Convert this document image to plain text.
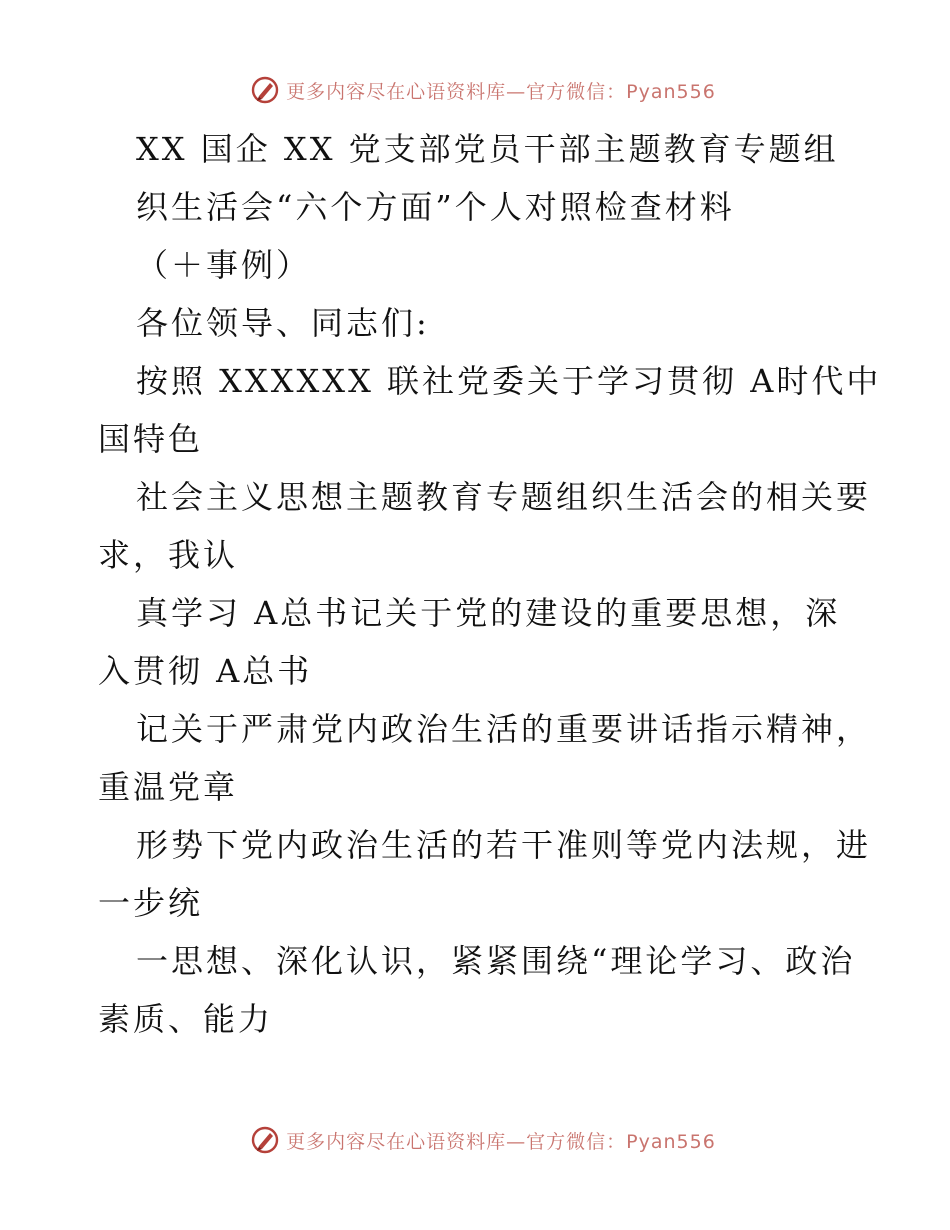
更多内容尽在心语资料库—官方微信：Pyan556
XX 国企 XX 党支部党员干部主题教育专题组
织生活会“六个方面”个人对照检查材料
（＋事例）
各位领导、同志们:
按照 XXXXXX 联社党委关于学习贯彻 A时代中
国特色
社会主义思想主题教育专题组织生活会的相关要
求，我认
真学习 A总书记关于党的建设的重要思想，深
入贯彻 A总书
记关于严肃党内政治生活的重要讲话指示精神，
重温党章
形势下党内政治生活的若干准则等党内法规，进
一步统
一思想、深化认识，紧紧围绕“理论学习、政治
素质、能力
更多内容尽在心语资料库—官方微信：Pyan556
